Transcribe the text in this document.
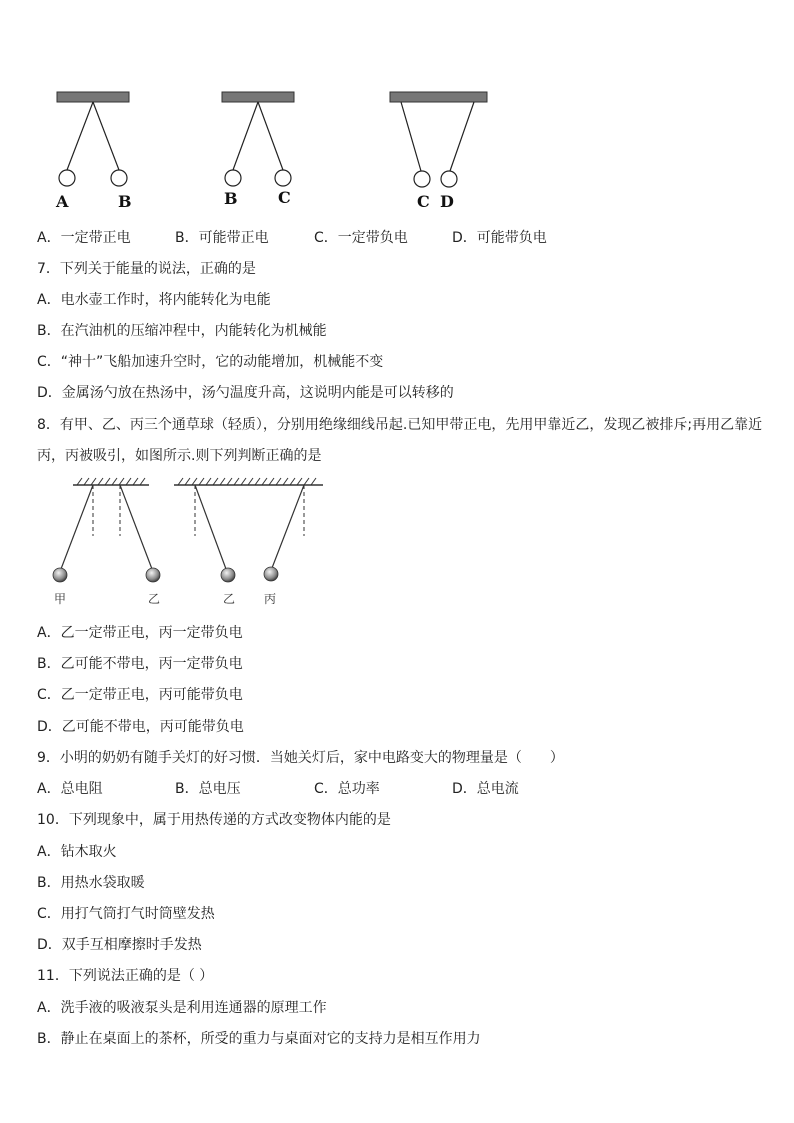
A	B	B	C	C D
A．一定带正电	B．可能带正电	C．一定带负电	D．可能带负电
7．下列关于能量的说法，正确的是
A．电水壶工作时，将内能转化为电能
B．在汽油机的压缩冲程中，内能转化为机械能
C．“神十”飞船加速升空时，它的动能增加，机械能不变
D．金属汤勺放在热汤中，汤勺温度升高，这说明内能是可以转移的
8．有甲、乙、丙三个通草球（轻质），分别用绝缘细线吊起.已知甲带正电，先用甲靠近乙，发现乙被排斥;再用乙靠近
丙，丙被吸引，如图所示.则下列判断正确的是
甲	乙	乙 丙
A．乙一定带正电，丙一定带负电
B．乙可能不带电，丙一定带负电
C．乙一定带正电，丙可能带负电
D．乙可能不带电，丙可能带负电
9．小明的奶奶有随手关灯的好习惯．当她关灯后，家中电路变大的物理量是（　　）
A．总电阻	B．总电压	C．总功率	D．总电流
10．下列现象中，属于用热传递的方式改变物体内能的是
A．钻木取火
B．用热水袋取暖
C．用打气筒打气时筒壁发热
D．双手互相摩擦时手发热
11．下列说法正确的是（ ）
A．洗手液的吸液泵头是利用连通器的原理工作
B．静止在桌面上的茶杯，所受的重力与桌面对它的支持力是相互作用力
